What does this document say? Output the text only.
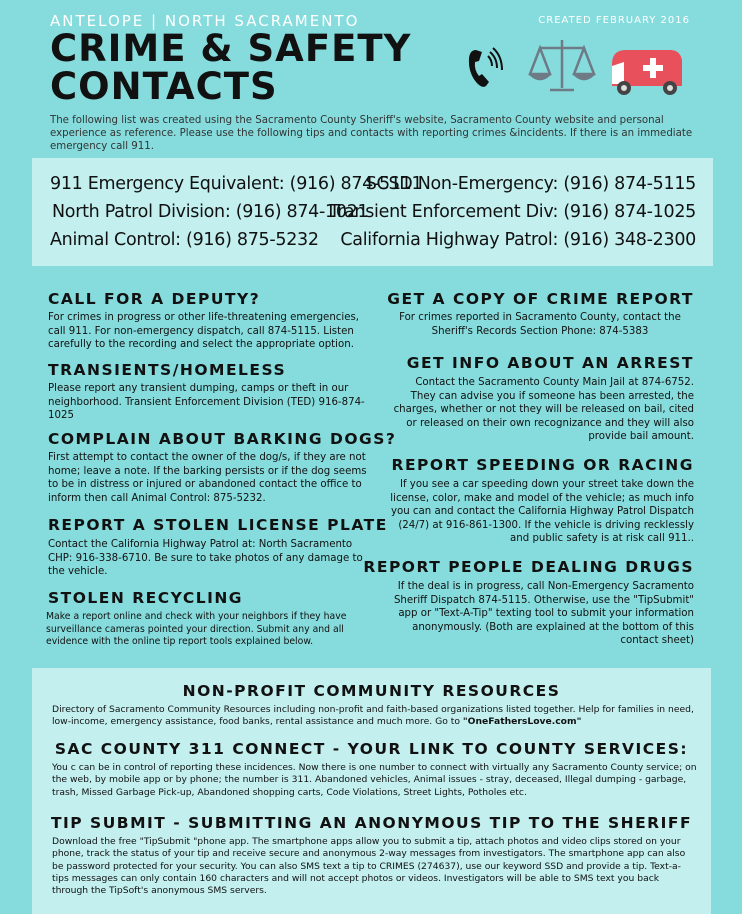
ANTELOPE | NORTH SACRAMENTO	CREATED FEBRUARY 2016
CRIME & SAFETY
CONTACTS
The following list was created using the Sacramento County Sheriff's website, Sacramento County website and personal experience as reference. Please use the following tips and contacts with reporting crimes &incidents. If there is an immediate emergency call 911.
911 Emergency Equivalent: (916) 874-5111
SCSD Non-Emergency: (916) 874-5115
North Patrol Division: (916) 874-1021
Transient Enforcement Div: (916) 874-1025
Animal Control: (916) 875-5232 California Highway Patrol: (916) 348-2300
CALL FOR A DEPUTY?
For crimes in progress or other life-threatening emergencies, call 911. For non-emergency dispatch, call 874-5115. Listen carefully to the recording and select the appropriate option.
TRANSIENTS/HOMELESS
Please report any transient dumping, camps or theft in our neighborhood. Transient Enforcement Division (TED) 916-874-1025
COMPLAIN ABOUT BARKING DOGS?
First attempt to contact the owner of the dog/s, if they are not home; leave a note. If the barking persists or if the dog seems to be in distress or injured or abandoned contact the office to inform then call Animal Control: 875-5232.
REPORT A STOLEN LICENSE PLATE
Contact the California Highway Patrol at: North Sacramento CHP: 916-338-6710. Be sure to take photos of any damage to the vehicle.
STOLEN RECYCLING
Make a report online and check with your neighbors if they have surveillance cameras pointed your direction. Submit any and all evidence with the online tip report tools explained below.
GET A COPY OF CRIME REPORT
For crimes reported in Sacramento County, contact the Sheriff's Records Section Phone: 874-5383
GET INFO ABOUT AN ARREST
Contact the Sacramento County Main Jail at 874-6752. They can advise you if someone has been arrested, the charges, whether or not they will be released on bail, cited or released on their own recognizance and they will also provide bail amount.
REPORT SPEEDING OR RACING
If you see a car speeding down your street take down the license, color, make and model of the vehicle; as much info you can and contact the California Highway Patrol Dispatch (24/7) at 916-861-1300. If the vehicle is driving recklessly and public safety is at risk call 911..
REPORT PEOPLE DEALING DRUGS
If the deal is in progress, call Non-Emergency Sacramento Sheriff Dispatch 874-5115. Otherwise, use the "TipSubmit" app or "Text-A-Tip" texting tool to submit your information anonymously. (Both are explained at the bottom of this contact sheet)
NON-PROFIT COMMUNITY RESOURCES
Directory of Sacramento Community Resources including non-profit and faith-based organizations listed together. Help for families in need, low-income, emergency assistance, food banks, rental assistance and much more. Go to "OneFathersLove.com"
SAC COUNTY 311 CONNECT - YOUR LINK TO COUNTY SERVICES:
You c can be in control of reporting these incidences. Now there is one number to connect with virtually any Sacramento County service; on the web, by mobile app or by phone; the number is 311. Abandoned vehicles, Animal issues - stray, deceased, Illegal dumping - garbage, trash, Missed Garbage Pick-up, Abandoned shopping carts, Code Violations, Street Lights, Potholes etc.
TIP SUBMIT - SUBMITTING AN ANONYMOUS TIP TO THE SHERIFF
Download the free "TipSubmit "phone app. The smartphone apps allow you to submit a tip, attach photos and video clips stored on your phone, track the status of your tip and receive secure and anonymous 2-way messages from investigators. The smartphone app can also be password protected for your security. You can also SMS text a tip to CRIMES (274637), use our keyword SSD and provide a tip. Text-a-tips messages can only contain 160 characters and will not accept photos or videos. Investigators will be able to SMS text you back through the TipSoft's anonymous SMS servers.
